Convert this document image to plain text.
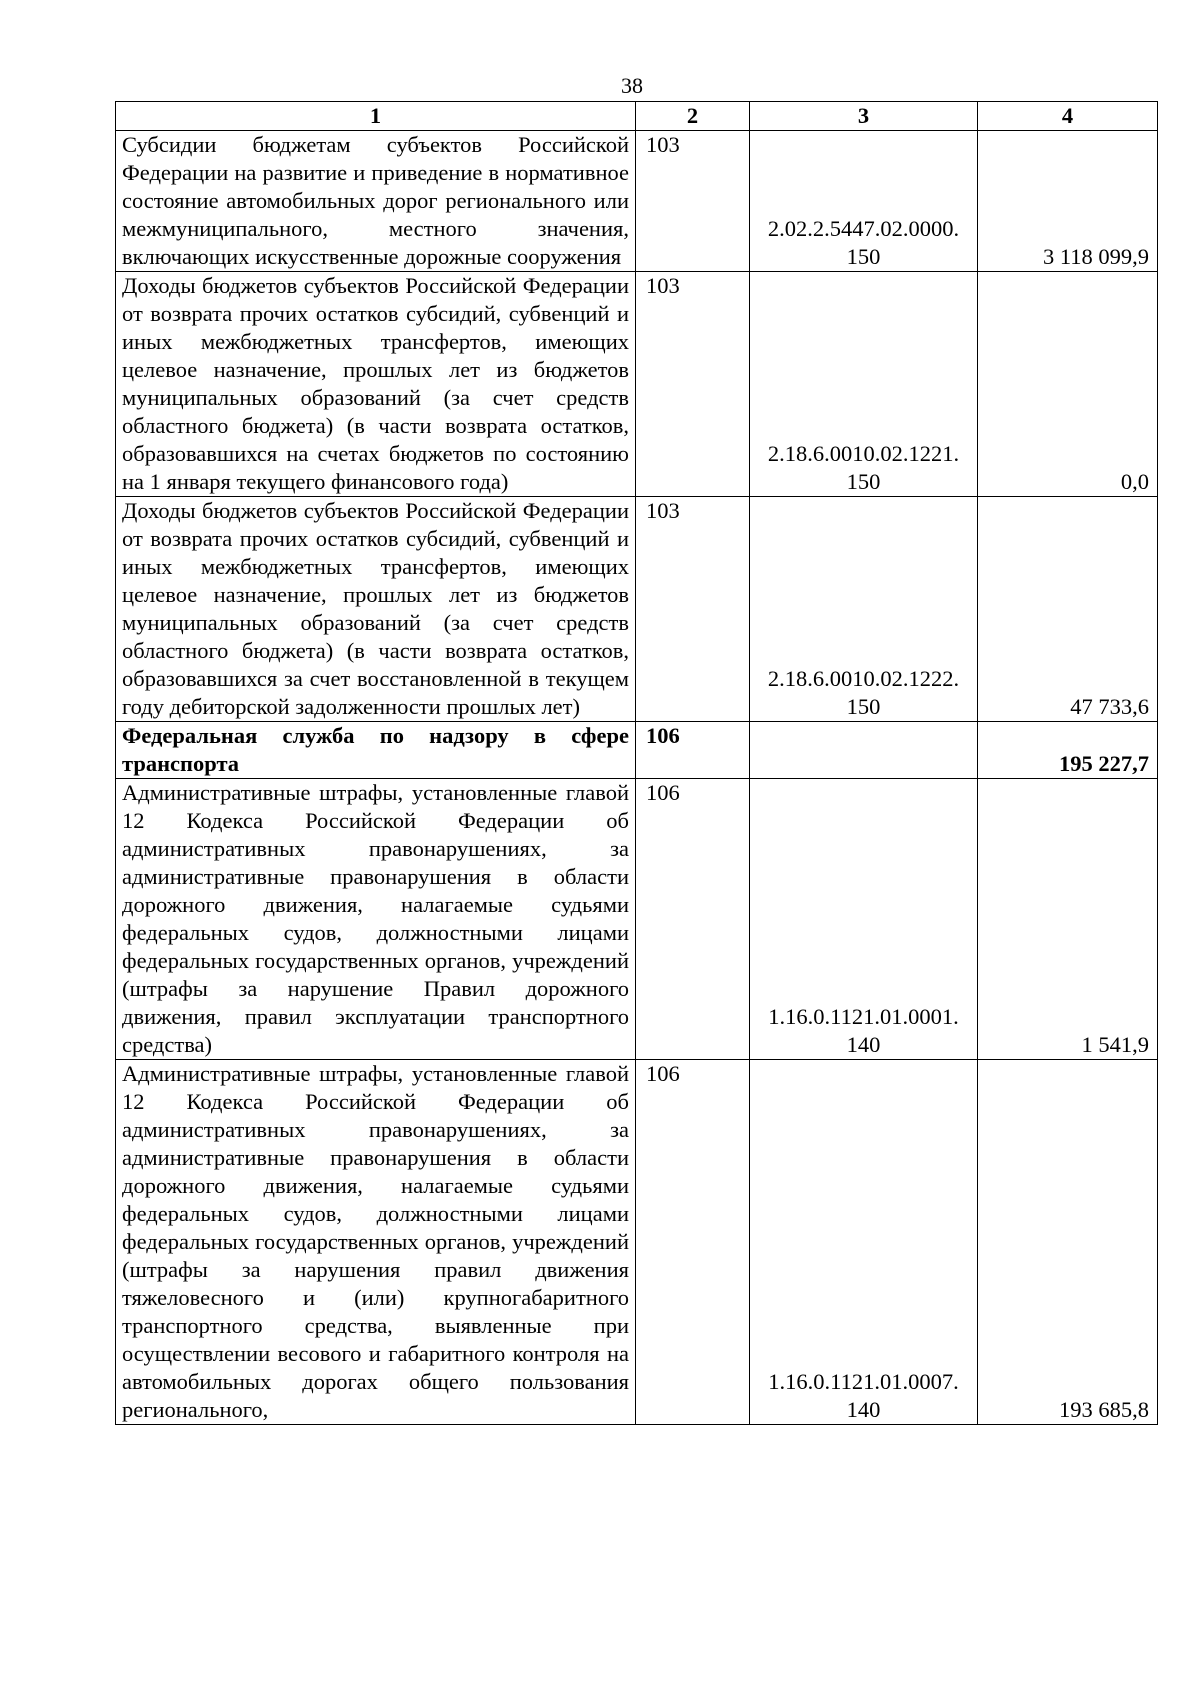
38
1	2	3	4
Субсидии бюджетам субъектов Российской Федерации на развитие и приведение в нормативное состояние автомобильных дорог регионального или межмуниципального, местного значения, включающих искусственные дорожные сооружения	103	2.02.2.5447.02.0000. 150	3 118 099,9
Доходы бюджетов субъектов Российской Федерации от возврата прочих остатков субсидий, субвенций и иных межбюджетных трансфертов, имеющих целевое назначение, прошлых лет из бюджетов муниципальных образований (за счет средств областного бюджета) (в части возврата остатков, образовавшихся на счетах бюджетов по состоянию на 1 января текущего финансового года)	103	2.18.6.0010.02.1221. 150	0,0
Доходы бюджетов субъектов Российской Федерации от возврата прочих остатков субсидий, субвенций и иных межбюджетных трансфертов, имеющих целевое назначение, прошлых лет из бюджетов муниципальных образований (за счет средств областного бюджета) (в части возврата остатков, образовавшихся за счет восстановленной в текущем году дебиторской задолженности прошлых лет)	103	2.18.6.0010.02.1222. 150	47 733,6
Федеральная служба по надзору в сфере транспорта	106		195 227,7
Административные штрафы, установленные главой 12 Кодекса Российской Федерации об административных правонарушениях, за административные правонарушения в области дорожного движения, налагаемые судьями федеральных судов, должностными лицами федеральных государственных органов, учреждений (штрафы за нарушение Правил дорожного движения, правил эксплуатации транспортного средства)	106	1.16.0.1121.01.0001. 140	1 541,9
Административные штрафы, установленные главой 12 Кодекса Российской Федерации об административных правонарушениях, за административные правонарушения в области дорожного движения, налагаемые судьями федеральных судов, должностными лицами федеральных государственных органов, учреждений (штрафы за нарушения правил движения тяжеловесного и (или) крупногабаритного транспортного средства, выявленные при осуществлении весового и габаритного контроля на автомобильных дорогах общего пользования регионального,	106	1.16.0.1121.01.0007. 140	193 685,8
